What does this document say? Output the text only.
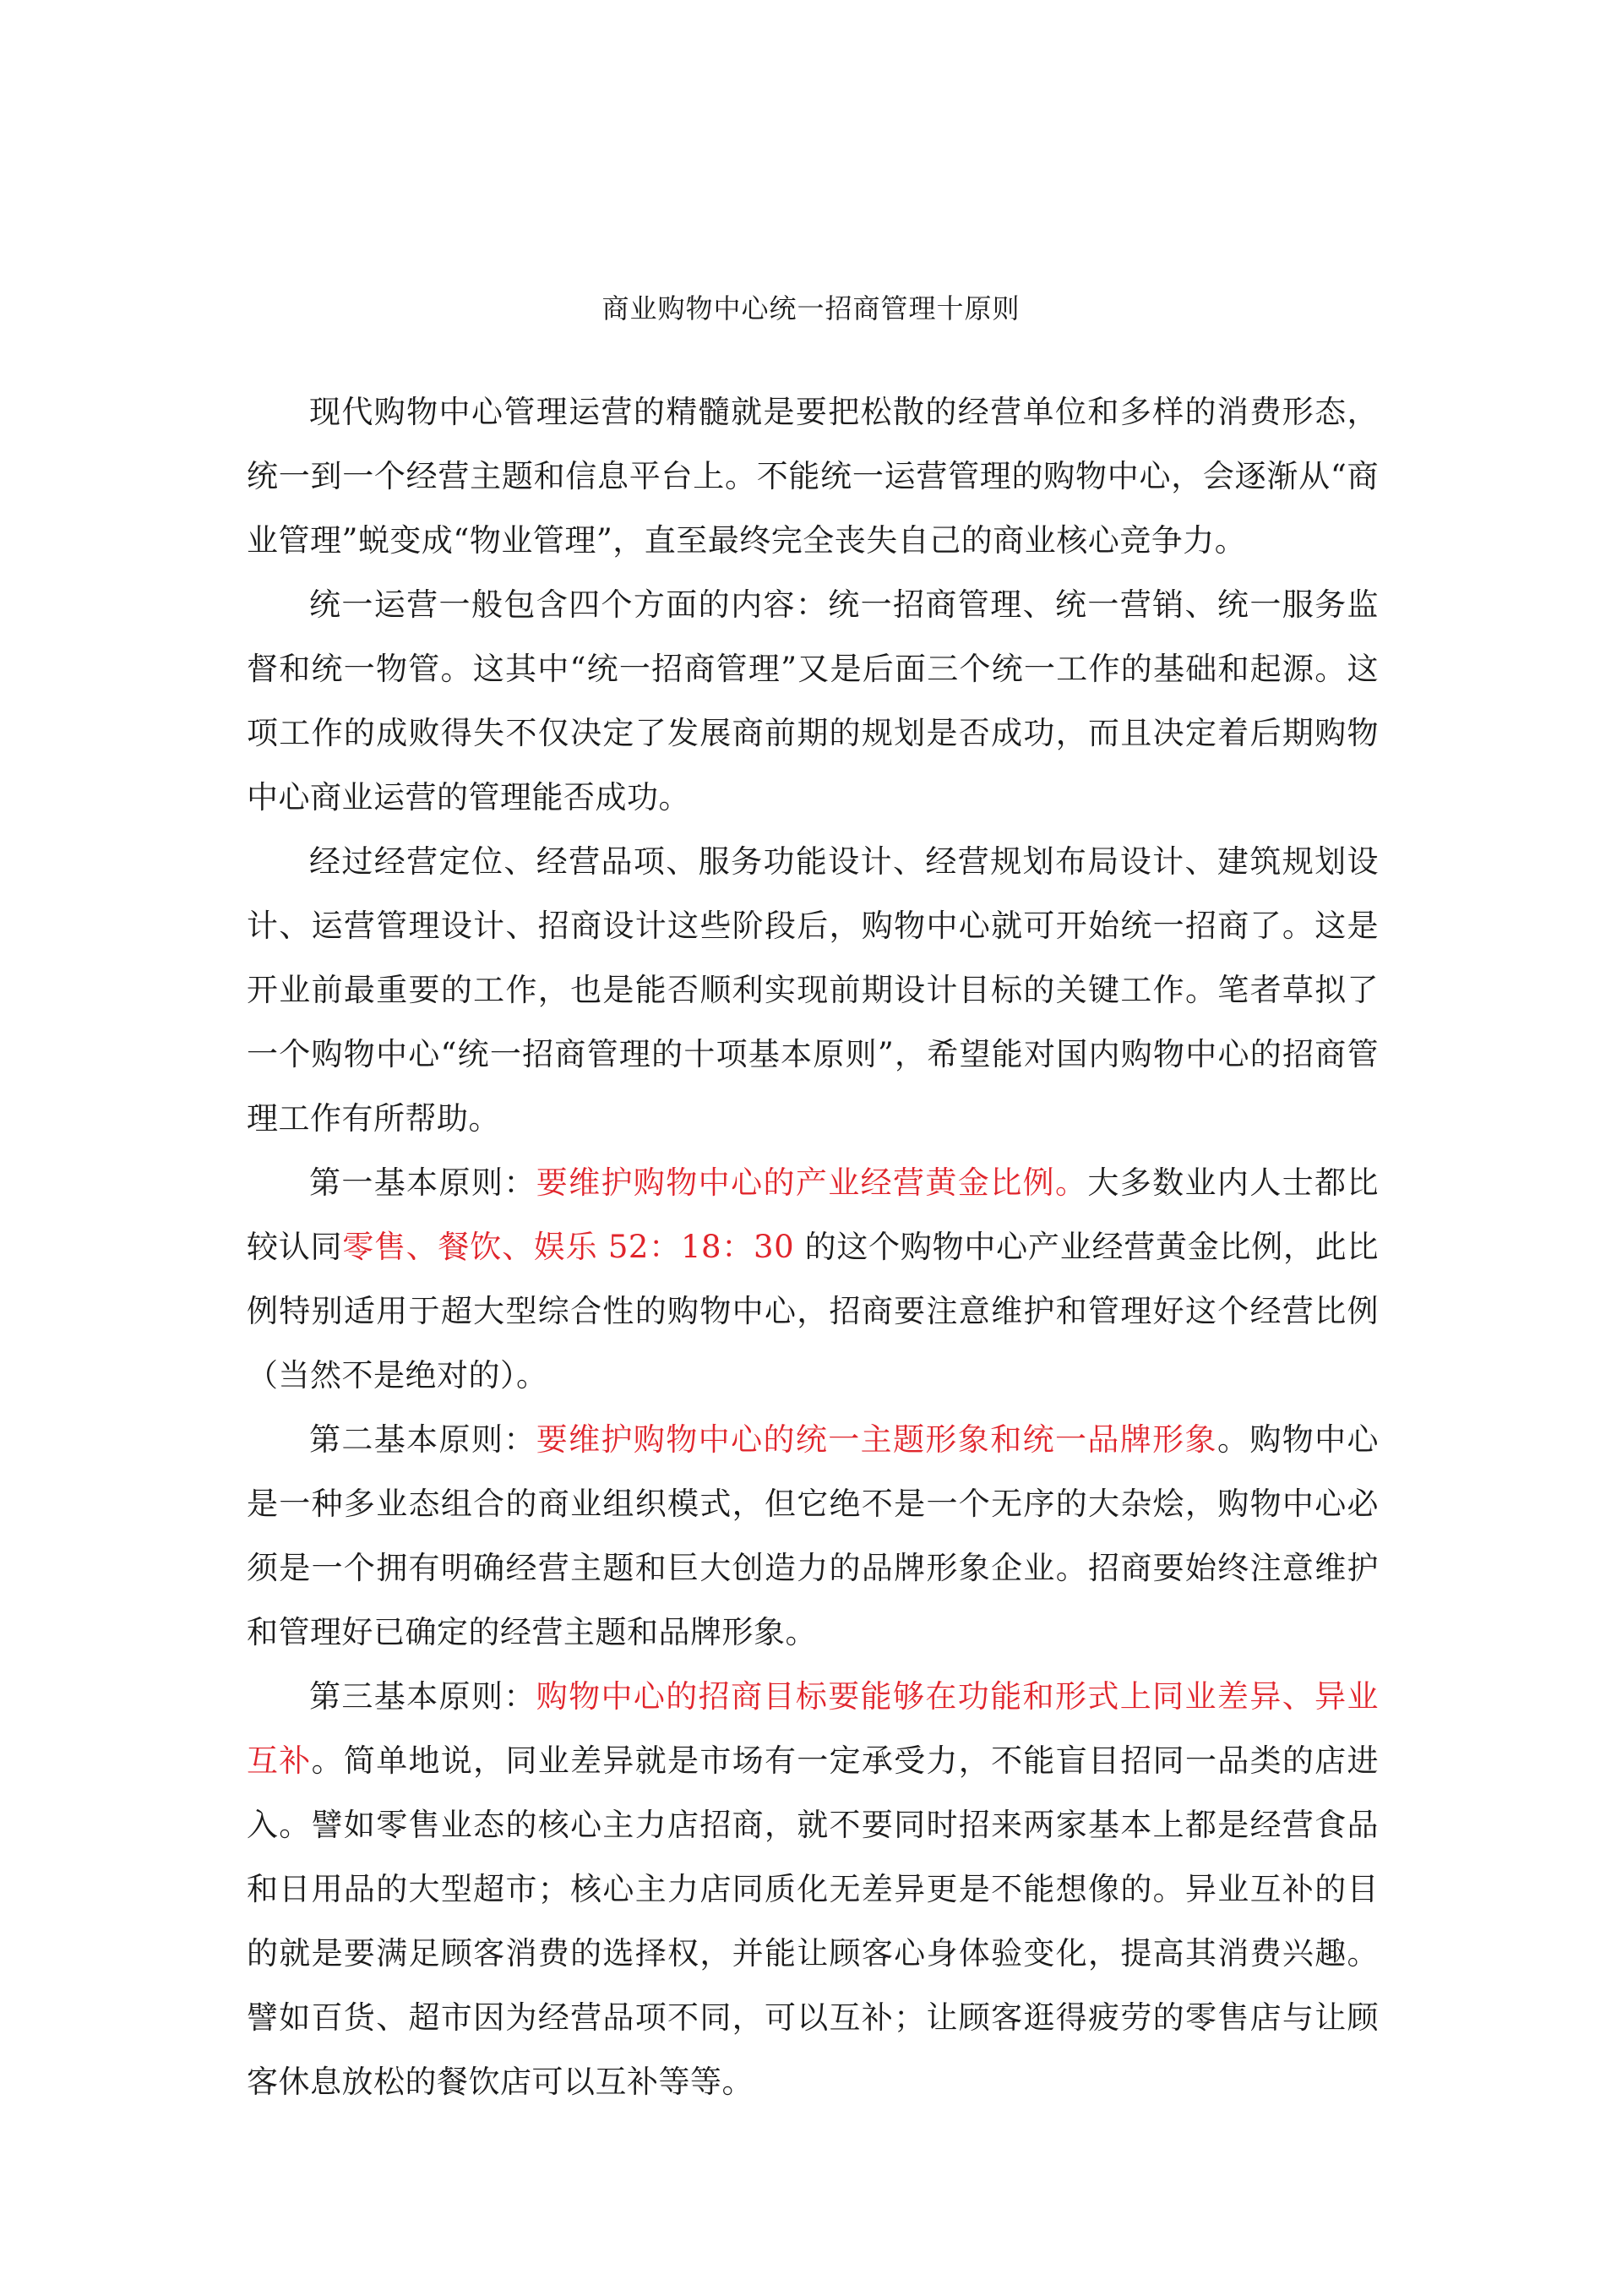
商业购物中心统一招商管理十原则

现代购物中心管理运营的精髓就是要把松散的经营单位和多样的消费形态，统一到一个经营主题和信息平台上。不能统一运营管理的购物中心，会逐渐从“商业管理”蜕变成“物业管理”，直至最终完全丧失自己的商业核心竞争力。

统一运营一般包含四个方面的内容：统一招商管理、统一营销、统一服务监督和统一物管。这其中“统一招商管理”又是后面三个统一工作的基础和起源。这项工作的成败得失不仅决定了发展商前期的规划是否成功，而且决定着后期购物中心商业运营的管理能否成功。

经过经营定位、经营品项、服务功能设计、经营规划布局设计、建筑规划设计、运营管理设计、招商设计这些阶段后，购物中心就可开始统一招商了。这是开业前最重要的工作，也是能否顺利实现前期设计目标的关键工作。笔者草拟了一个购物中心“统一招商管理的十项基本原则”，希望能对国内购物中心的招商管理工作有所帮助。

第一基本原则：要维护购物中心的产业经营黄金比例。大多数业内人士都比较认同零售、餐饮、娱乐 52：18：30 的这个购物中心产业经营黄金比例，此比例特别适用于超大型综合性的购物中心，招商要注意维护和管理好这个经营比例（当然不是绝对的）。

第二基本原则：要维护购物中心的统一主题形象和统一品牌形象。购物中心是一种多业态组合的商业组织模式，但它绝不是一个无序的大杂烩，购物中心必须是一个拥有明确经营主题和巨大创造力的品牌形象企业。招商要始终注意维护和管理好已确定的经营主题和品牌形象。

第三基本原则：购物中心的招商目标要能够在功能和形式上同业差异、异业互补。简单地说，同业差异就是市场有一定承受力，不能盲目招同一品类的店进入。譬如零售业态的核心主力店招商，就不要同时招来两家基本上都是经营食品和日用品的大型超市；核心主力店同质化无差异更是不能想像的。异业互补的目的就是要满足顾客消费的选择权，并能让顾客心身体验变化，提高其消费兴趣。譬如百货、超市因为经营品项不同，可以互补；让顾客逛得疲劳的零售店与让顾客休息放松的餐饮店可以互补等等。
